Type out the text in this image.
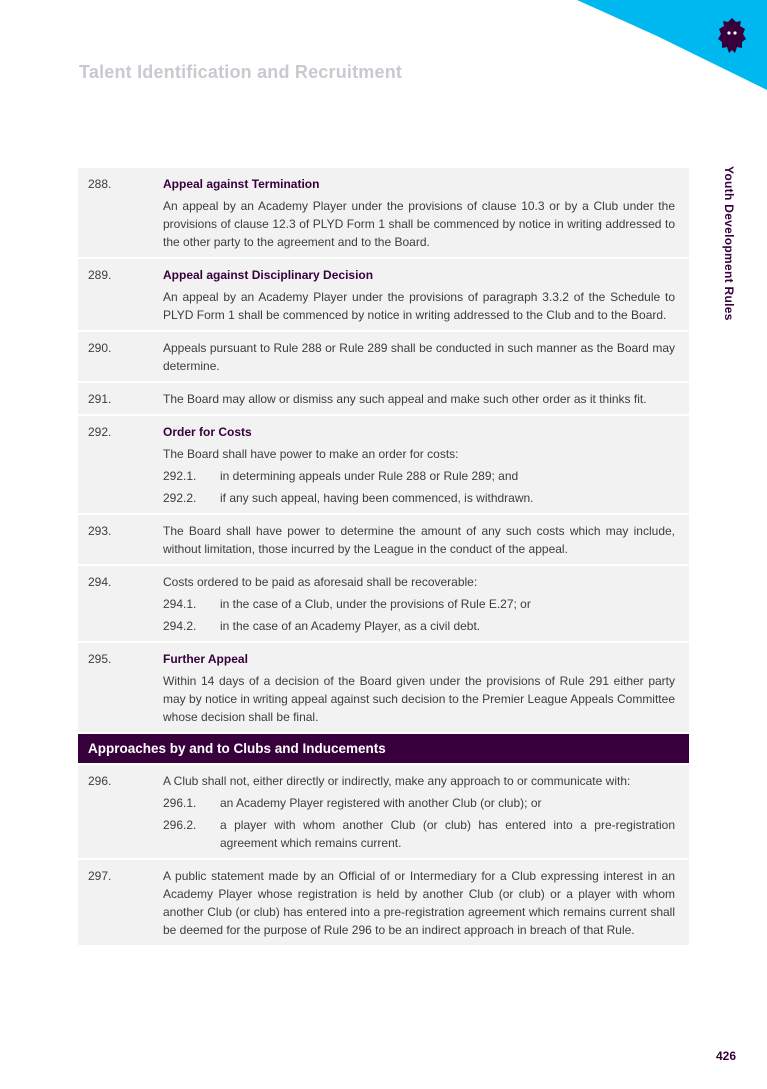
Talent Identification and Recruitment
Youth Development Rules
288.	Appeal against Termination

An appeal by an Academy Player under the provisions of clause 10.3 or by a Club under the provisions of clause 12.3 of PLYD Form 1 shall be commenced by notice in writing addressed to the other party to the agreement and to the Board.

289.	Appeal against Disciplinary Decision

An appeal by an Academy Player under the provisions of paragraph 3.3.2 of the Schedule to PLYD Form 1 shall be commenced by notice in writing addressed to the Club and to the Board.

290.	Appeals pursuant to Rule 288 or Rule 289 shall be conducted in such manner as the Board may determine.

291.	The Board may allow or dismiss any such appeal and make such other order as it thinks fit.

292.	Order for Costs

The Board shall have power to make an order for costs:

292.1.	in determining appeals under Rule 288 or Rule 289; and
292.2.	if any such appeal, having been commenced, is withdrawn.
293.	The Board shall have power to determine the amount of any such costs which may include, without limitation, those incurred by the League in the conduct of the appeal.

294.	Costs ordered to be paid as aforesaid shall be recoverable:

294.1.	in the case of a Club, under the provisions of Rule E.27; or
294.2.	in the case of an Academy Player, as a civil debt.
295.	Further Appeal

Within 14 days of a decision of the Board given under the provisions of Rule 291 either party may by notice in writing appeal against such decision to the Premier League Appeals Committee whose decision shall be final.

Approaches by and to Clubs and Inducements
296.	A Club shall not, either directly or indirectly, make any approach to or communicate with:

296.1.	an Academy Player registered with another Club (or club); or
296.2.	a player with whom another Club (or club) has entered into a pre-registration agreement which remains current.
297.	A public statement made by an Official of or Intermediary for a Club expressing interest in an Academy Player whose registration is held by another Club (or club) or a player with whom another Club (or club) has entered into a pre-registration agreement which remains current shall be deemed for the purpose of Rule 296 to be an indirect approach in breach of that Rule.

426
